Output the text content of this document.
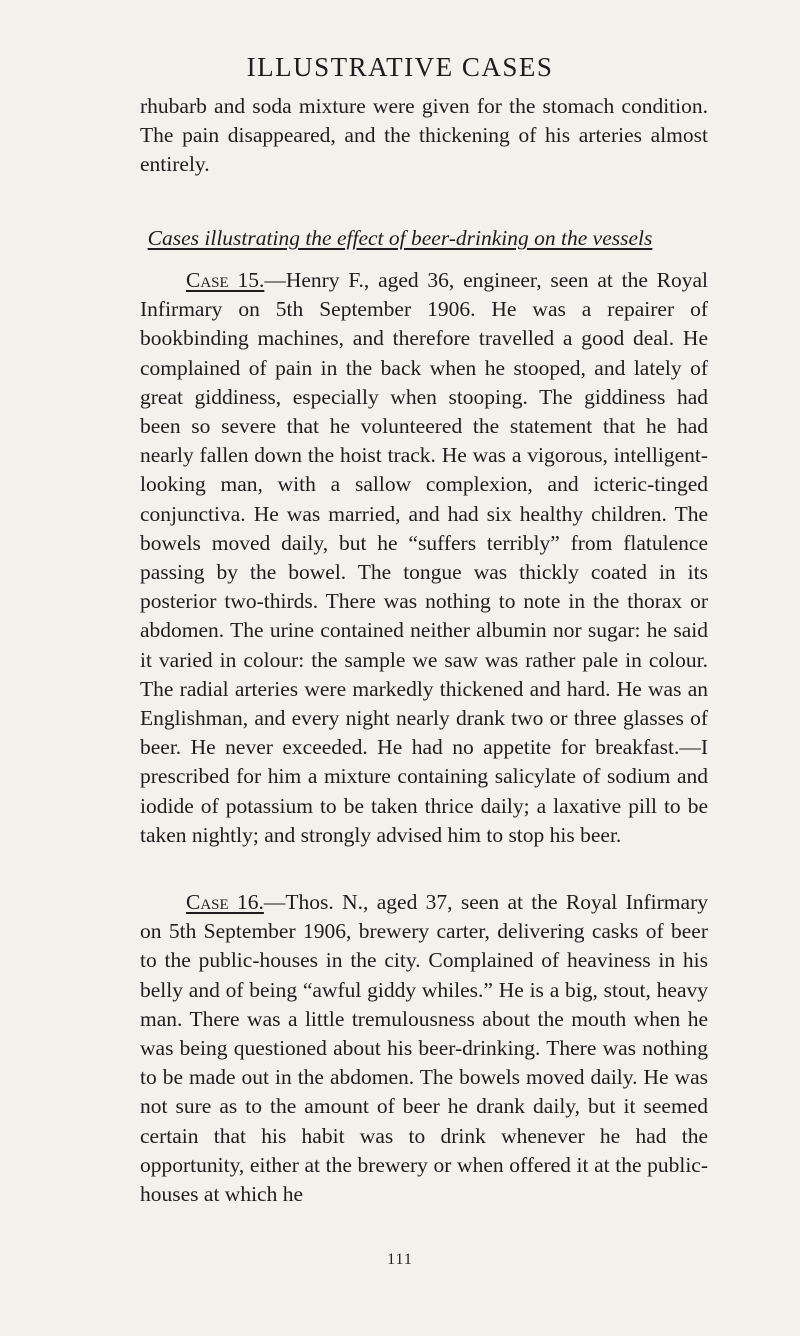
ILLUSTRATIVE CASES
rhubarb and soda mixture were given for the stomach condition. The pain disappeared, and the thickening of his arteries almost entirely.
Cases illustrating the effect of beer-drinking on the vessels
Case 15.—Henry F., aged 36, engineer, seen at the Royal Infirmary on 5th September 1906. He was a repairer of bookbinding machines, and therefore travelled a good deal. He complained of pain in the back when he stooped, and lately of great giddiness, especially when stooping. The giddiness had been so severe that he volunteered the statement that he had nearly fallen down the hoist track. He was a vigorous, intelligent-looking man, with a sallow complexion, and icteric-tinged conjunctiva. He was married, and had six healthy children. The bowels moved daily, but he “suffers terribly” from flatulence passing by the bowel. The tongue was thickly coated in its posterior two-thirds. There was nothing to note in the thorax or abdomen. The urine contained neither albumin nor sugar: he said it varied in colour: the sample we saw was rather pale in colour. The radial arteries were markedly thickened and hard. He was an Englishman, and every night nearly drank two or three glasses of beer. He never exceeded. He had no appetite for breakfast.—I prescribed for him a mixture containing salicylate of sodium and iodide of potassium to be taken thrice daily; a laxative pill to be taken nightly; and strongly advised him to stop his beer.
Case 16.—Thos. N., aged 37, seen at the Royal Infirmary on 5th September 1906, brewery carter, delivering casks of beer to the public-houses in the city. Complained of heaviness in his belly and of being “awful giddy whiles.” He is a big, stout, heavy man. There was a little tremulousness about the mouth when he was being questioned about his beer-drinking. There was nothing to be made out in the abdomen. The bowels moved daily. He was not sure as to the amount of beer he drank daily, but it seemed certain that his habit was to drink whenever he had the opportunity, either at the brewery or when offered it at the public-houses at which he
111
